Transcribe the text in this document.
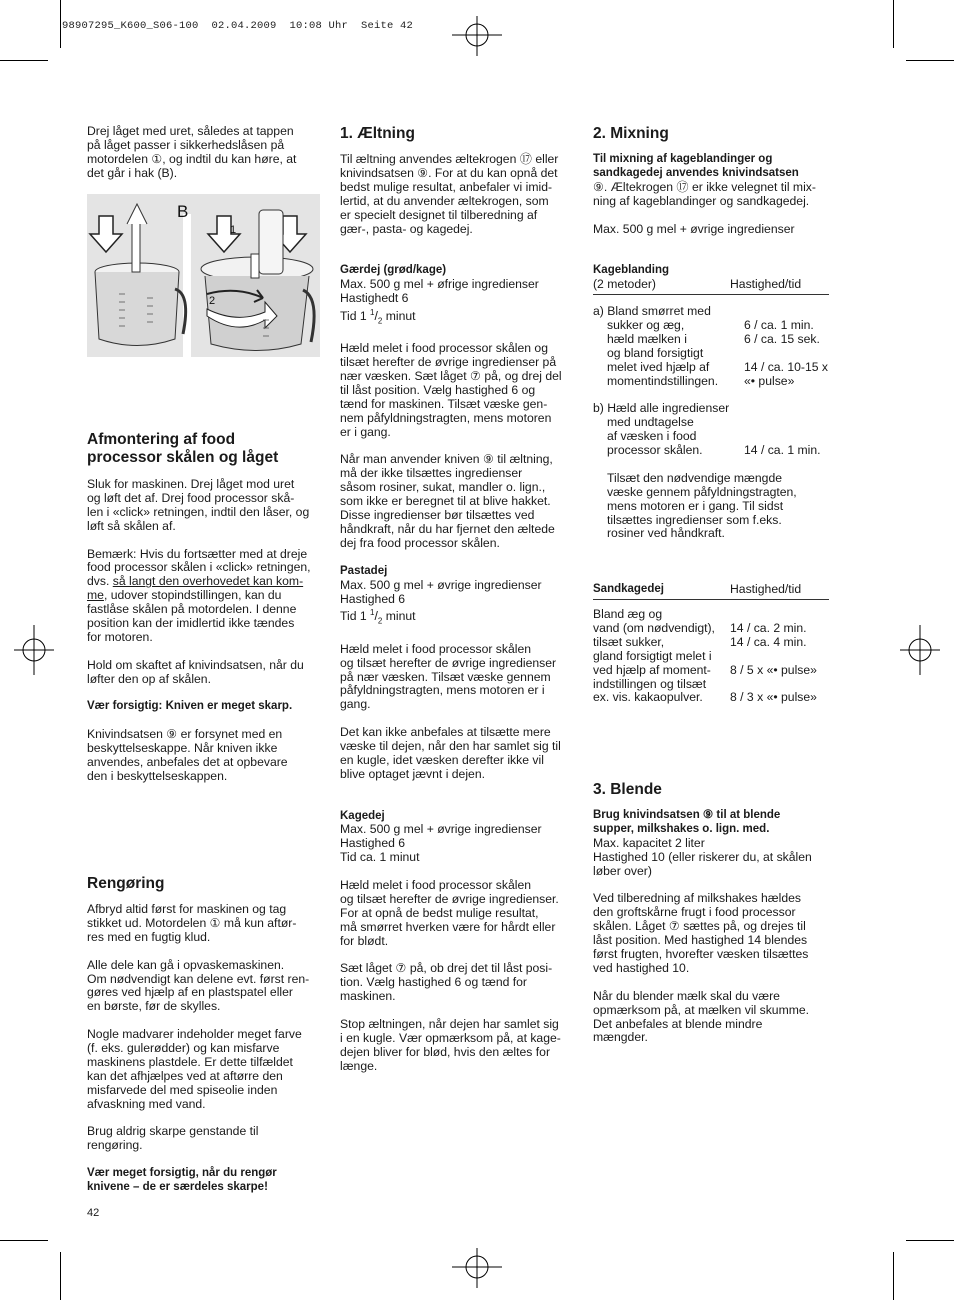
98907295_K600_S06-100  02.04.2009  10:08 Uhr  Seite 42

Drej låget med uret, således at tappen

på låget passer i sikkerhedslåsen på

motordelen ①, og indtil du kan høre, at

det går i hak (B).

B
1
2

Afmontering af food

processor skålen og låget

Sluk for maskinen. Drej låget mod uret

og løft det af. Drej food processor skå-

len i «click» retningen, indtil den låser, og

løft så skålen af.

Bemærk: Hvis du fortsætter med at dreje

food processor skålen i «click» retningen,

dvs. så langt den overhovedet kan kom-

me, udover stopindstillingen, kan du

fastlåse skålen på motordelen. I denne

position kan der imidlertid ikke tændes

for motoren.

Hold om skaftet af knivindsatsen, når du

løfter den op af skålen.

Vær forsigtig: Kniven er meget skarp.

Knivindsatsen ⑨ er forsynet med en

beskyttelseskappe. Når kniven ikke

anvendes, anbefales det at opbevare

den i beskyttelseskappen.

Rengøring

Afbryd altid først for maskinen og tag

stikket ud. Motordelen ① må kun aftør-

res med en fugtig klud.

Alle dele kan gå i opvaskemaskinen.

Om nødvendigt kan delene evt. først ren-

gøres ved hjælp af en plastspatel eller

en børste, før de skylles.

Nogle madvarer indeholder meget farve

(f. eks. gulerødder) og kan misfarve

maskinens plastdele. Er dette tilfældet

kan det afhjælpes ved at aftørre den

misfarvede del med spiseolie inden

afvaskning med vand.

Brug aldrig skarpe genstande til

rengøring.

Vær meget forsigtig, når du rengør

knivene – de er særdeles skarpe!

42

1. Æltning

Til æltning anvendes æltekrogen ⑰ eller

knivindsatsen ⑨. For at du kan opnå det

bedst mulige resultat, anbefaler vi imid-

lertid, at du anvender æltekrogen, som

er specielt designet til tilberedning af

gær-, pasta- og kagedej.

Gærdej (grød/kage)

Max. 500 g mel + øfrige ingredienser

Hastighedt 6

Tid 1 $^1/_2$ minut

Hæld melet i food processor skålen og

tilsæt herefter de øvrige ingredienser på

nær væsken. Sæt låget ⑦ på, og drej del

til låst position. Vælg hastighed 6 og

tænd for maskinen. Tilsæt væske gen-

nem påfyldningstragten, mens motoren

er i gang.

Når man anvender kniven ⑨ til æltning,

må der ikke tilsættes ingredienser

såsom rosiner, sukat, mandler o. lign.,

som ikke er beregnet til at blive hakket.

Disse ingredienser bør tilsættes ved

håndkraft, når du har fjernet den æltede

dej fra food processor skålen.

Pastadej

Max. 500 g mel + øvrige ingredienser

Hastighed 6

Tid 1 $^1/_2$ minut

Hæld melet i food processor skålen

og tilsæt herefter de øvrige ingredienser

på nær væsken. Tilsæt væske gennem

påfyldningstragten, mens motoren er i

gang.

Det kan ikke anbefales at tilsætte mere

væske til dejen, når den har samlet sig til

en kugle, idet væsken derefter ikke vil

blive optaget jævnt i dejen.

Kagedej

Max. 500 g mel + øvrige ingredienser

Hastighed 6

Tid ca. 1 minut

Hæld melet i food processor skålen

og tilsæt herefter de øvrige ingredienser.

For at opnå de bedst mulige resultat,

må smørret hverken være for hårdt eller

for blødt.

Sæt låget ⑦ på, ob drej det til låst posi-

tion. Vælg hastighed 6 og tænd for

maskinen.

Stop æltningen, når dejen har samlet sig

i en kugle. Vær opmærksom på, at kage-

dejen bliver for blød, hvis den æltes for

længe.

2. Mixning

Til mixning af kageblandinger og

sandkagedej anvendes knivindsatsen

⑨. Æltekrogen ⑰ er ikke velegnet til mix-

ning af kageblandinger og sandkagedej.

Max. 500 g mel + øvrige ingredienser

Kageblanding

(2 metoder)	Hastighed/tid
a) Bland smørret med
sukker og æg,	6 / ca. 1 min.
hæld mælken i	6 / ca. 15 sek.
og bland forsigtigt
melet ived hjælp af	14 / ca. 10-15 x
momentindstillingen.	«• pulse»
b) Hæld alle ingredienser
med undtagelse
af væsken i food
processor skålen.	14 / ca. 1 min.

Tilsæt den nødvendige mængde

væske gennem påfyldningstragten,

mens motoren er i gang. Til sidst

tilsættes ingredienser som f.eks.

rosiner ved håndkraft.

Sandkagedej	Hastighed/tid
Bland æg og
vand (om nødvendigt),	14 / ca. 2 min.
tilsæt sukker,	14 / ca. 4 min.
gland forsigtigt melet i
ved hjælp af moment-	8 / 5 x «• pulse»
indstillingen og tilsæt
ex. vis. kakaopulver.	8 / 3 x «• pulse»

3. Blende

Brug knivindsatsen ⑨ til at blende

supper, milkshakes o. lign. med.

Max. kapacitet 2 liter

Hastighed 10 (eller riskerer du, at skålen

løber over)

Ved tilberedning af milkshakes hældes

den groftskårne frugt i food processor

skålen. Låget ⑦ sættes på, og drejes til

låst position. Med hastighed 14 blendes

først frugten, hvorefter væsken tilsættes

ved hastighed 10.

Når du blender mælk skal du være

opmærksom på, at mælken vil skumme.

Det anbefales at blende mindre

mængder.
